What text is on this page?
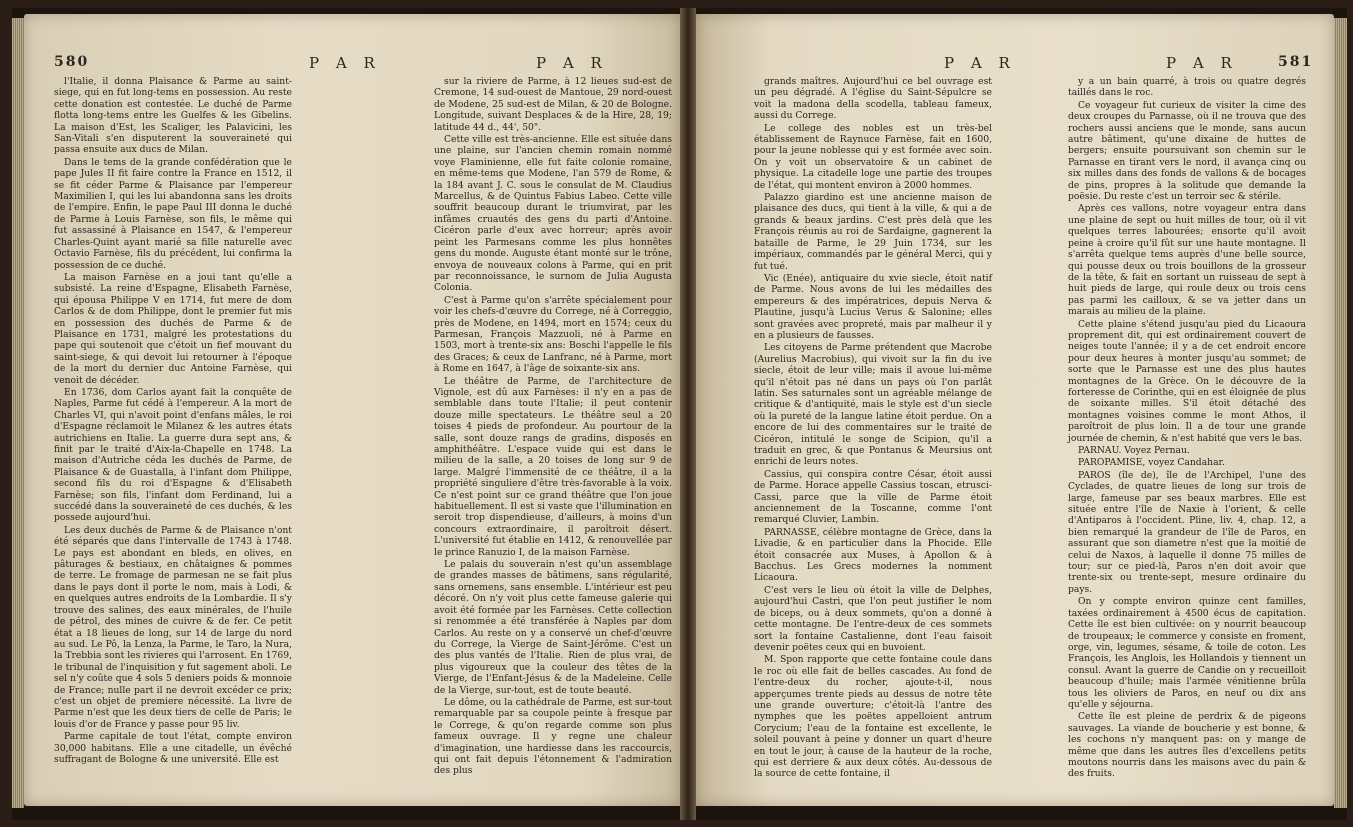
580	P A R	P A R

l'Italie, il donna Plaisance & Parme au saint-siege, qui en fut long-tems en possession. Au reste cette donation est contestée. Le duché de Parme flotta long-tems entre les Guelfes & les Gibelins. La maison d'Est, les Scaliger, les Palavicini, les San-Vitali s'en disputerent la souveraineté qui passa ensuite aux ducs de Milan.

Dans le tems de la grande confédération que le pape Jules II fit faire contre la France en 1512, il se fit céder Parme & Plaisance par l'empereur Maximilien I, qui les lui abandonna sans les droits de l'empire. Enfin, le pape Paul III donna le duché de Parme à Louis Farnèse, son fils, le même qui fut assassiné à Plaisance en 1547, & l'empereur Charles-Quint ayant marié sa fille naturelle avec Octavio Farnèse, fils du précédent, lui confirma la possession de ce duché.

La maison Farnèse en a joui tant qu'elle a subsisté. La reine d'Espagne, Elisabeth Farnèse, qui épousa Philippe V en 1714, fut mere de dom Carlos & de dom Philippe, dont le premier fut mis en possession des duchés de Parme & de Plaisance en 1731, malgré les protestations du pape qui soutenoit que c'étoit un fief mouvant du saint-siege, & qui devoit lui retourner à l'époque de la mort du dernier duc Antoine Farnèse, qui venoit de décéder.

En 1736, dom Carlos ayant fait la conquête de Naples, Parme fut cédé à l'empereur. A la mort de Charles VI, qui n'avoit point d'enfans mâles, le roi d'Espagne réclamoit le Milanez & les autres états autrichiens en Italie. La guerre dura sept ans, & finit par le traité d'Aix-la-Chapelle en 1748. La maison d'Autriche céda les duchés de Parme, de Plaisance & de Guastalla, à l'infant dom Philippe, second fils du roi d'Espagne & d'Elisabeth Farnèse; son fils, l'infant dom Ferdinand, lui a succédé dans la souveraineté de ces duchés, & les possede aujourd'hui.

Les deux duchés de Parme & de Plaisance n'ont été séparés que dans l'intervalle de 1743 à 1748. Le pays est abondant en bleds, en olives, en pâturages & bestiaux, en châtaignes & pommes de terre. Le fromage de parmesan ne se fait plus dans le pays dont il porte le nom, mais à Lodi, & en quelques autres endroits de la Lombardie. Il s'y trouve des salines, des eaux minérales, de l'huile de pétrol, des mines de cuivre & de fer. Ce petit état a 18 lieues de long, sur 14 de large du nord au sud. Le Pô, la Lenza, la Parme, le Taro, la Nura, la Trebbia sont les rivieres qui l'arrosent. En 1769, le tribunal de l'inquisition y fut sagement aboli. Le sel n'y coûte que 4 sols 5 deniers poids & monnoie de France; nulle part il ne devroit excéder ce prix; c'est un objet de premiere nécessité. La livre de Parme n'est que les deux tiers de celle de Paris; le louis d'or de France y passe pour 95 liv.

Parme capitale de tout l'état, compte environ 30,000 habitans. Elle a une citadelle, un évêché suffragant de Bologne & une université. Elle est

sur la riviere de Parme, à 12 lieues sud-est de Cremone, 14 sud-ouest de Mantoue, 29 nord-ouest de Modene, 25 sud-est de Milan, & 20 de Bologne. Longitude, suivant Desplaces & de la Hire, 28, 19; latitude 44 d., 44', 50".

Cette ville est très-ancienne. Elle est située dans une plaine, sur l'ancien chemin romain nommé voye Flaminienne, elle fut faite colonie romaine, en même-tems que Modene, l'an 579 de Rome, & la 184 avant J. C. sous le consulat de M. Claudius Marcellus, & de Quintus Fabius Labeo. Cette ville souffrit beaucoup durant le triumvirat, par les infâmes cruautés des gens du parti d'Antoine. Cicéron parle d'eux avec horreur; après avoir peint les Parmesans comme les plus honnêtes gens du monde. Auguste étant monté sur le trône, envoya de nouveaux colons à Parme, qui en prit par reconnoissance, le surnom de Julia Augusta Colonia.

C'est à Parme qu'on s'arrête spécialement pour voir les chefs-d'œuvre du Correge, né à Correggio, près de Modene, en 1494, mort en 1574; ceux du Parmesan, François Mazzuoli, né à Parme en 1503, mort à trente-six ans: Boschi l'appelle le fils des Graces; & ceux de Lanfranc, né à Parme, mort à Rome en 1647, à l'âge de soixante-six ans.

Le théâtre de Parme, de l'architecture de Vignole, est dû aux Farnèses: il n'y en a pas de semblable dans toute l'Italie; il peut contenir douze mille spectateurs. Le théâtre seul a 20 toises 4 pieds de profondeur. Au pourtour de la salle, sont douze rangs de gradins, disposés en amphithéâtre. L'espace vuide qui est dans le milieu de la salle, a 20 toises de long sur 9 de large. Malgré l'immensité de ce théâtre, il a la propriété singuliere d'être très-favorable à la voix. Ce n'est point sur ce grand théâtre que l'on joue habituellement. Il est si vaste que l'illumination en seroit trop dispendieuse, d'ailleurs, à moins d'un concours extraordinaire, il paroîtroit désert. L'université fut établie en 1412, & renouvellée par le prince Ranuzio I, de la maison Farnèse.

Le palais du souverain n'est qu'un assemblage de grandes masses de bâtimens, sans régularité, sans ornemens, sans ensemble. L'intérieur est peu décoré. On n'y voit plus cette fameuse galerie qui avoit été formée par les Farnèses. Cette collection si renommée a été transférée à Naples par dom Carlos. Au reste on y a conservé un chef-d'œuvre du Correge, la Vierge de Saint-Jérôme. C'est un des plus vantés de l'Italie. Rien de plus vrai, de plus vigoureux que la couleur des têtes de la Vierge, de l'Enfant-Jésus & de la Madeleine. Celle de la Vierge, sur-tout, est de toute beauté.

Le dôme, ou la cathédrale de Parme, est sur-tout remarquable par sa coupole peinte à fresque par le Correge, & qu'on regarde comme son plus fameux ouvrage. Il y regne une chaleur d'imagination, une hardiesse dans les raccourcis, qui ont fait depuis l'étonnement & l'admiration des plus

P A R	P A R	581

grands maîtres. Aujourd'hui ce bel ouvrage est un peu dégradé. A l'église du Saint-Sépulcre se voit la madona della scodella, tableau fameux, aussi du Correge.

Le college des nobles est un très-bel établissement de Raynuce Farnèse, fait en 1600, pour la jeune noblesse qui y est formée avec soin. On y voit un observatoire & un cabinet de physique. La citadelle loge une partie des troupes de l'état, qui montent environ à 2000 hommes.

Palazzo giardino est une ancienne maison de plaisance des ducs, qui tient à la ville, & qui a de grands & beaux jardins. C'est près delà que les François réunis au roi de Sardaigne, gagnerent la bataille de Parme, le 29 Juin 1734, sur les impériaux, commandés par le général Merci, qui y fut tué.

Vic (Enée), antiquaire du xvie siecle, étoit natif de Parme. Nous avons de lui les médailles des empereurs & des impératrices, depuis Nerva & Plautine, jusqu'à Lucius Verus & Salonine; elles sont gravées avec propreté, mais par malheur il y en a plusieurs de fausses.

Les citoyens de Parme prétendent que Macrobe (Aurelius Macrobius), qui vivoit sur la fin du ive siecle, étoit de leur ville; mais il avoue lui-même qu'il n'étoit pas né dans un pays où l'on parlât latin. Ses saturnales sont un agréable mélange de critique & d'antiquité, mais le style est d'un siecle où la pureté de la langue latine étoit perdue. On a encore de lui des commentaires sur le traité de Cicéron, intitulé le songe de Scipion, qu'il a traduit en grec, & que Pontanus & Meursius ont enrichi de leurs notes.

Cassius, qui conspira contre César, étoit aussi de Parme. Horace appelle Cassius toscan, etrusci-Cassi, parce que la ville de Parme étoit anciennement de la Toscanne, comme l'ont remarqué Cluvier, Lambin.

PARNASSE, célèbre montagne de Grèce, dans la Livadie, & en particulier dans la Phocide. Elle étoit consacrée aux Muses, à Apollon & à Bacchus. Les Grecs modernes la nomment Licaoura.

C'est vers le lieu où étoit la ville de Delphes, aujourd'hui Castri, que l'on peut justifier le nom de biceps, ou à deux sommets, qu'on a donné à cette montagne. De l'entre-deux de ces sommets sort la fontaine Castalienne, dont l'eau faisoit devenir poëtes ceux qui en buvoient.

M. Spon rapporte que cette fontaine coule dans le roc où elle fait de belles cascades. Au fond de l'entre-deux du rocher, ajoute-t-il, nous apperçumes trente pieds au dessus de notre tête une grande ouverture; c'étoit-là l'antre des nymphes que les poëtes appelloient antrum Corycium; l'eau de la fontaine est excellente, le soleil pouvant à peine y donner un quart d'heure en tout le jour, à cause de la hauteur de la roche, qui est derriere & aux deux côtés. Au-dessous de la source de cette fontaine, il

y a un bain quarré, à trois ou quatre degrés taillés dans le roc.

Ce voyageur fut curieux de visiter la cime des deux croupes du Parnasse, où il ne trouva que des rochers aussi anciens que le monde, sans aucun autre bâtiment, qu'une dixaine de huttes de bergers; ensuite poursuivant son chemin sur le Parnasse en tirant vers le nord, il avança cinq ou six milles dans des fonds de vallons & de bocages de pins, propres à la solitude que demande la poësie. Du reste c'est un terroir sec & stérile.

Après ces vallons, notre voyageur entra dans une plaine de sept ou huit milles de tour, où il vit quelques terres labourées; ensorte qu'il avoit peine à croire qu'il fût sur une haute montagne. Il s'arrêta quelque tems auprès d'une belle source, qui pousse deux ou trois bouillons de la grosseur de la tête, & fait en sortant un ruisseau de sept à huit pieds de large, qui roule deux ou trois cens pas parmi les cailloux, & se va jetter dans un marais au milieu de la plaine.

Cette plaine s'étend jusqu'au pied du Licaoura proprement dit, qui est ordinairement couvert de neiges toute l'année; il y a de cet endroit encore pour deux heures à monter jusqu'au sommet; de sorte que le Parnasse est une des plus hautes montagnes de la Grèce. On le découvre de la forteresse de Corinthe, qui en est éloignée de plus de soixante milles. S'il étoit détaché des montagnes voisines comme le mont Athos, il paroîtroit de plus loin. Il a de tour une grande journée de chemin, & n'est habité que vers le bas.

PARNAU. Voyez Pernau.

PAROPAMISE, voyez Candahar.

PAROS (île de), île de l'Archipel, l'une des Cyclades, de quatre lieues de long sur trois de large, fameuse par ses beaux marbres. Elle est située entre l'île de Naxie à l'orient, & celle d'Antiparos à l'occident. Pline, liv. 4, chap. 12, a bien remarqué la grandeur de l'île de Paros, en assurant que son diametre n'est que la moitié de celui de Naxos, à laquelle il donne 75 milles de tour; sur ce pied-là, Paros n'en doit avoir que trente-six ou trente-sept, mesure ordinaire du pays.

On y compte environ quinze cent familles, taxées ordinairement à 4500 écus de capitation. Cette île est bien cultivée: on y nourrit beaucoup de troupeaux; le commerce y consiste en froment, orge, vin, legumes, sésame, & toile de coton. Les François, les Anglois, les Hollandois y tiennent un consul. Avant la guerre de Candie on y recueilloit beaucoup d'huile; mais l'armée vénitienne brûla tous les oliviers de Paros, en neuf ou dix ans qu'elle y séjourna.

Cette île est pleine de perdrix & de pigeons sauvages. La viande de boucherie y est bonne, & les cochons n'y manquent pas: on y mange de même que dans les autres îles d'excellens petits moutons nourris dans les maisons avec du pain & des fruits.
